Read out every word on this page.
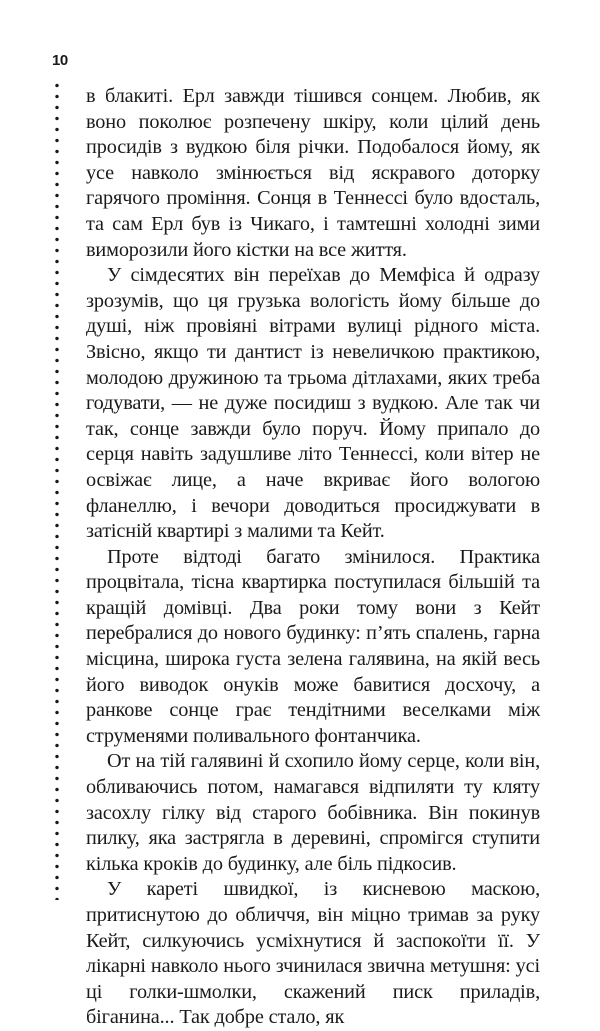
10

в блакиті. Ерл завжди тішився сонцем. Любив, як воно поколює розпечену шкіру, коли цілий день просидів з вудкою біля річки. Подобалося йому, як усе навколо змінюється від яскравого доторку гарячого проміння. Сонця в Теннессі було вдосталь, та сам Ерл був із Чикаго, і тамтешні холодні зими виморозили його кістки на все життя.

У сімдесятих він переїхав до Мемфіса й одразу зрозумів, що ця грузька вологість йому більше до душі, ніж провіяні вітрами вулиці рідного міста. Звісно, якщо ти дантист із невеличкою практикою, молодою дружиною та трьома дітлахами, яких треба годувати, — не дуже посидиш з вудкою. Але так чи так, сонце завжди було поруч. Йому припало до серця навіть задушливе літо Теннессі, коли вітер не освіжає лице, а наче вкриває його вологою фланеллю, і вечори доводиться просиджувати в затісній квартирі з малими та Кейт.

Проте відтоді багато змінилося. Практика процвітала, тісна квартирка поступилася більшій та кращій домівці. Два роки тому вони з Кейт перебралися до нового будинку: п’ять спалень, гарна місцина, широка густа зелена галявина, на якій весь його виводок онуків може бавитися досхочу, а ранкове сонце грає тендітними веселками між струменями поливального фонтанчика.

От на тій галявині й схопило йому серце, коли він, обливаючись потом, намагався відпиляти ту кляту засохлу гілку від старого бобівника. Він покинув пилку, яка застрягла в деревині, спромігся ступити кілька кроків до будинку, але біль підкосив.

У кареті швидкої, із кисневою маскою, притиснутою до обличчя, він міцно тримав за руку Кейт, силкуючись усміхнутися й заспокоїти її. У лікарні навколо нього зчинилася звична метушня: усі ці голки-шмолки, скажений писк приладів, біганина... Так добре стало, як
